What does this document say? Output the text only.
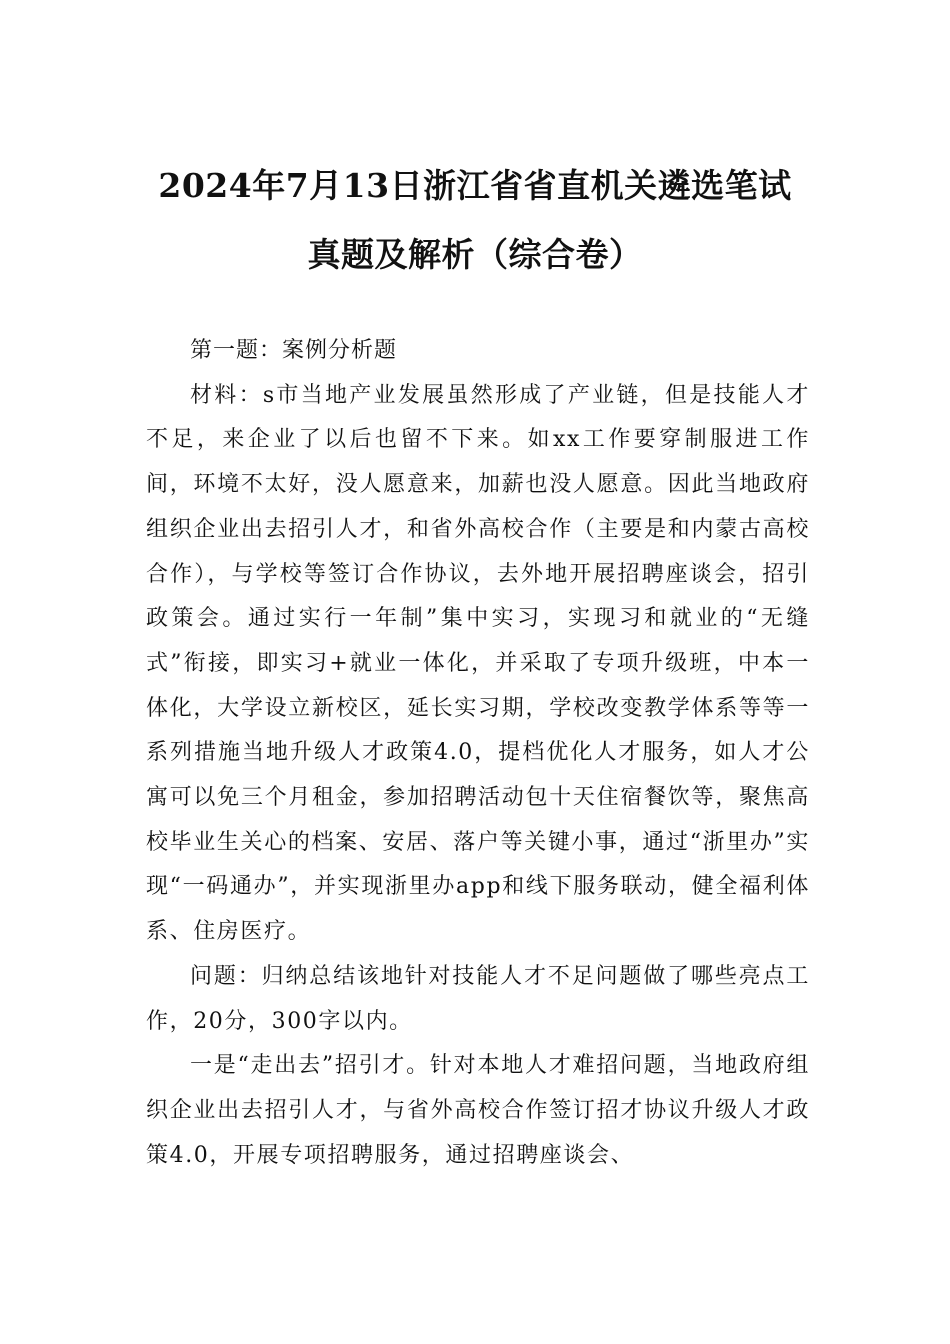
2024年7月13日浙江省省直机关遴选笔试
真题及解析（综合卷）

第一题：案例分析题

材料：s市当地产业发展虽然形成了产业链，但是技能人才不足，来企业了以后也留不下来。如xx工作要穿制服进工作间，环境不太好，没人愿意来，加薪也没人愿意。因此当地政府组织企业出去招引人才，和省外高校合作（主要是和内蒙古高校合作），与学校等签订合作协议，去外地开展招聘座谈会，招引政策会。通过实行一年制”集中实习，实现习和就业的“无缝式”衔接，即实习+就业一体化，并采取了专项升级班，中本一体化，大学设立新校区，延长实习期，学校改变教学体系等等一系列措施当地升级人才政策4.0，提档优化人才服务，如人才公寓可以免三个月租金，参加招聘活动包十天住宿餐饮等，聚焦高校毕业生关心的档案、安居、落户等关键小事，通过“浙里办”实现“一码通办”，并实现浙里办app和线下服务联动，健全福利体系、住房医疗。

问题：归纳总结该地针对技能人才不足问题做了哪些亮点工作，20分，300字以内。

一是“走出去”招引才。针对本地人才难招问题，当地政府组织企业出去招引人才，与省外高校合作签订招才协议升级人才政策4.0，开展专项招聘服务，通过招聘座谈会、
